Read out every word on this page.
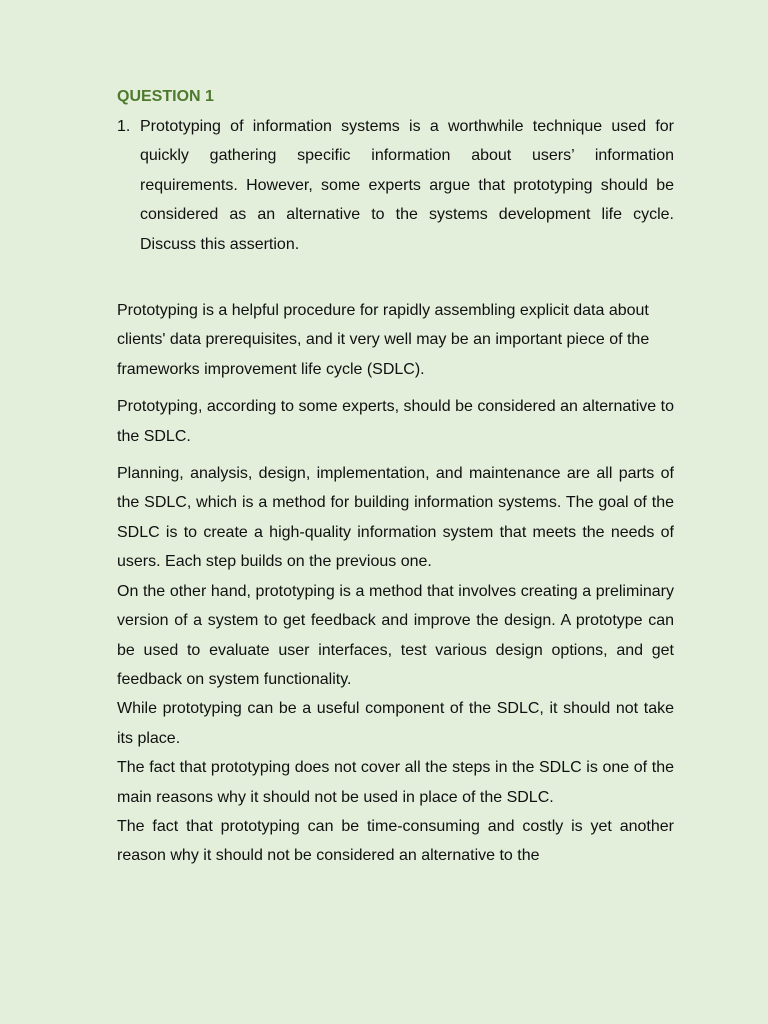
QUESTION 1
1. Prototyping of information systems is a worthwhile technique used for quickly gathering specific information about users’ information requirements. However, some experts argue that prototyping should be considered as an alternative to the systems development life cycle. Discuss this assertion.

Prototyping is a helpful procedure for rapidly assembling explicit data about clients' data prerequisites, and it very well may be an important piece of the frameworks improvement life cycle (SDLC).

Prototyping, according to some experts, should be considered an alternative to the SDLC.

Planning, analysis, design, implementation, and maintenance are all parts of the SDLC, which is a method for building information systems. The goal of the SDLC is to create a high-quality information system that meets the needs of users. Each step builds on the previous one.

On the other hand, prototyping is a method that involves creating a preliminary version of a system to get feedback and improve the design. A prototype can be used to evaluate user interfaces, test various design options, and get feedback on system functionality.

While prototyping can be a useful component of the SDLC, it should not take its place.

The fact that prototyping does not cover all the steps in the SDLC is one of the main reasons why it should not be used in place of the SDLC.

The fact that prototyping can be time-consuming and costly is yet another reason why it should not be considered an alternative to the
